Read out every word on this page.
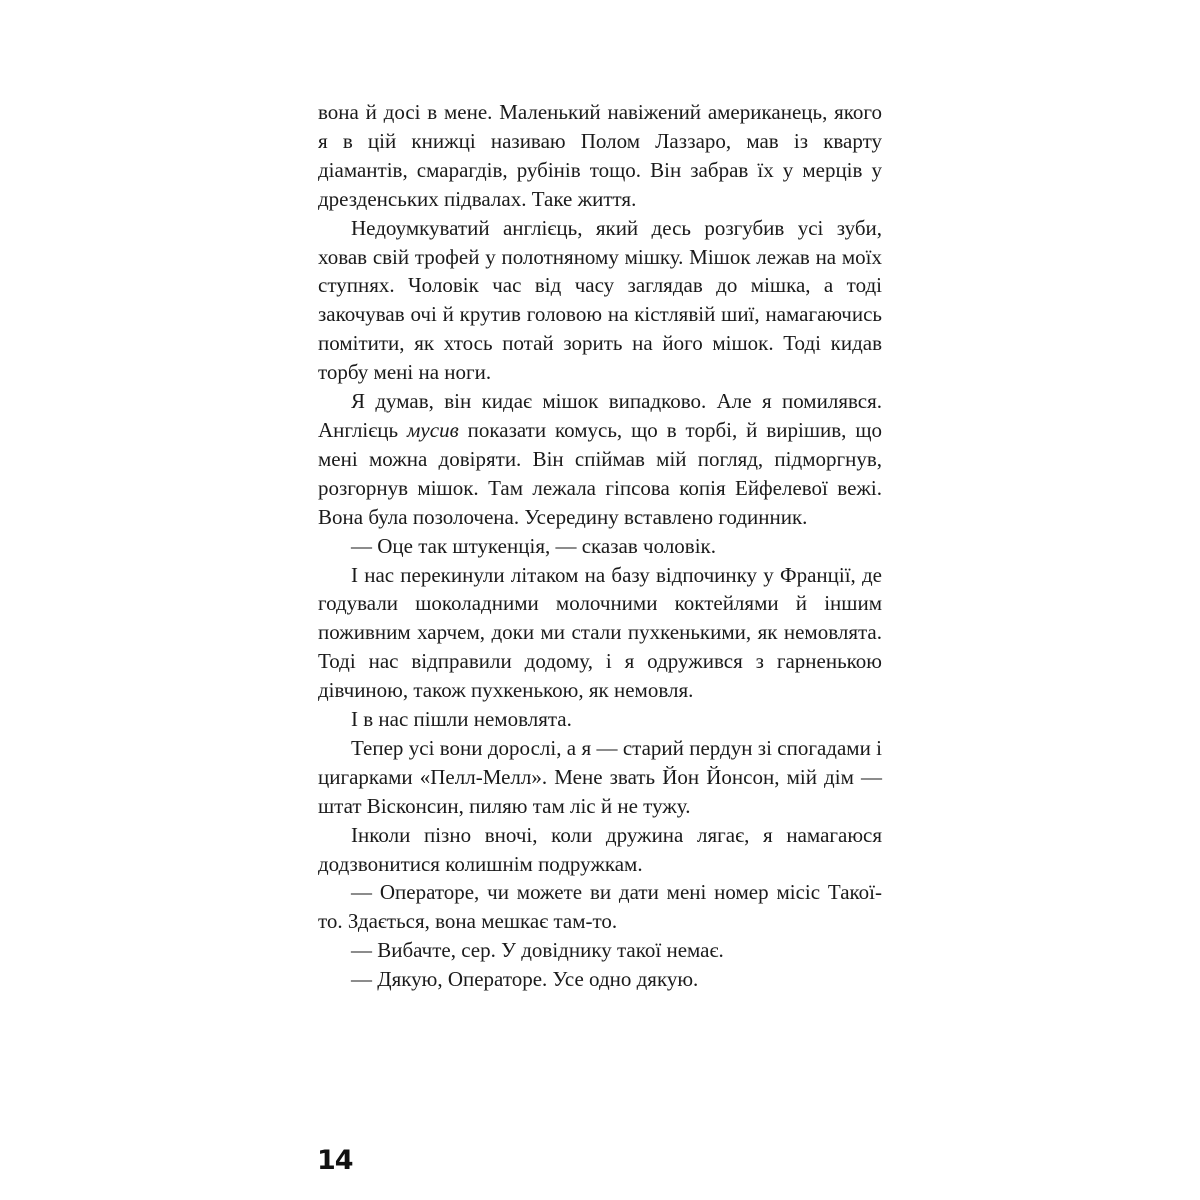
вона й досі в мене. Маленький навіжений американець, якого я в цій книжці називаю Полом Лаззаро, мав із кварту діамантів, смарагдів, рубінів тощо. Він забрав їх у мерців у дрезденських підвалах. Таке життя.

Недоумкуватий англієць, який десь розгубив усі зуби, ховав свій трофей у полотняному мішку. Мішок лежав на моїх ступнях. Чоловік час від часу заглядав до мішка, а тоді закочував очі й крутив головою на кістлявій шиї, намагаючись помітити, як хтось потай зорить на його мішок. Тоді кидав торбу мені на ноги.

Я думав, він кидає мішок випадково. Але я помилявся. Англієць мусив показати комусь, що в торбі, й вирішив, що мені можна довіряти. Він спіймав мій погляд, підморгнув, розгорнув мішок. Там лежала гіпсова копія Ейфелевої вежі. Вона була позолочена. Усередину вставлено годинник.

— Оце так штукенція, — сказав чоловік.

І нас перекинули літаком на базу відпочинку у Франції, де годували шоколадними молочними коктейлями й іншим поживним харчем, доки ми стали пухкенькими, як немовлята. Тоді нас відправили додому, і я одружився з гарненькою дівчиною, також пухкенькою, як немовля.

І в нас пішли немовлята.

Тепер усі вони дорослі, а я — старий пердун зі спогадами і цигарками «Пелл-Мелл». Мене звать Йон Йонсон, мій дім — штат Вісконсин, пиляю там ліс й не тужу.

Інколи пізно вночі, коли дружина лягає, я намагаюся додзвонитися колишнім подружкам.

— Операторе, чи можете ви дати мені номер місіс Такої-то. Здається, вона мешкає там-то.

— Вибачте, сер. У довіднику такої немає.

— Дякую, Операторе. Усе одно дякую.

14
